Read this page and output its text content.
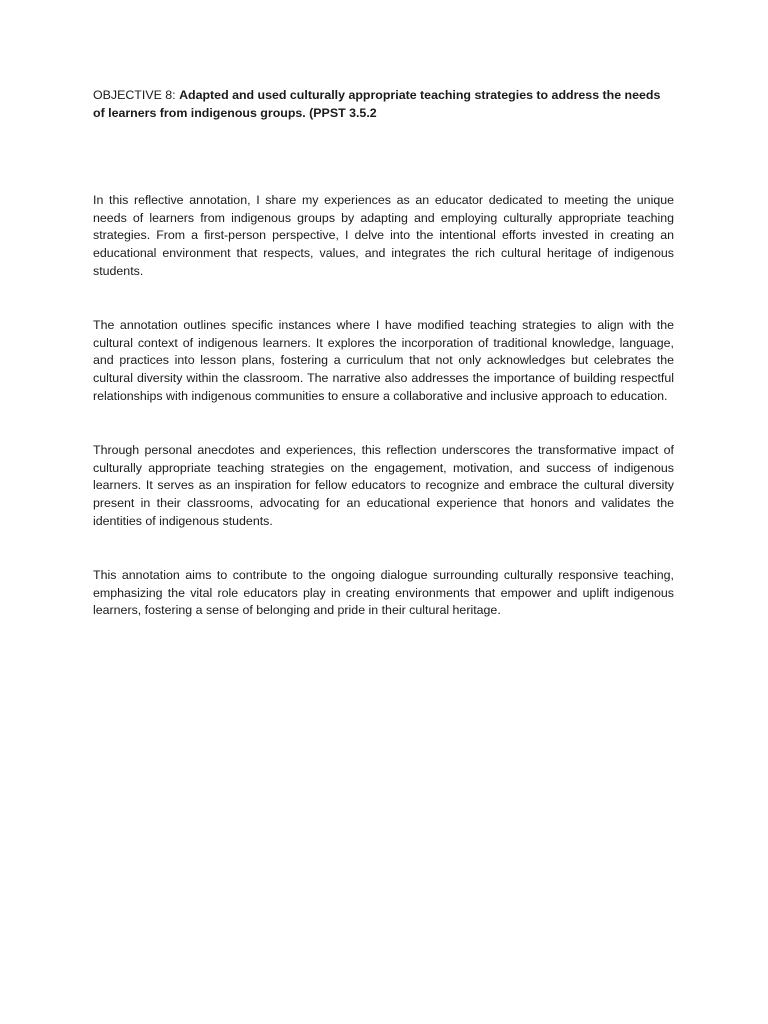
OBJECTIVE 8: Adapted and used culturally appropriate teaching strategies to address the needs of learners from indigenous groups. (PPST 3.5.2

In this reflective annotation, I share my experiences as an educator dedicated to meeting the unique needs of learners from indigenous groups by adapting and employing culturally appropriate teaching strategies. From a first-person perspective, I delve into the intentional efforts invested in creating an educational environment that respects, values, and integrates the rich cultural heritage of indigenous students.

The annotation outlines specific instances where I have modified teaching strategies to align with the cultural context of indigenous learners. It explores the incorporation of traditional knowledge, language, and practices into lesson plans, fostering a curriculum that not only acknowledges but celebrates the cultural diversity within the classroom. The narrative also addresses the importance of building respectful relationships with indigenous communities to ensure a collaborative and inclusive approach to education.

Through personal anecdotes and experiences, this reflection underscores the transformative impact of culturally appropriate teaching strategies on the engagement, motivation, and success of indigenous learners. It serves as an inspiration for fellow educators to recognize and embrace the cultural diversity present in their classrooms, advocating for an educational experience that honors and validates the identities of indigenous students.

This annotation aims to contribute to the ongoing dialogue surrounding culturally responsive teaching, emphasizing the vital role educators play in creating environments that empower and uplift indigenous learners, fostering a sense of belonging and pride in their cultural heritage.
